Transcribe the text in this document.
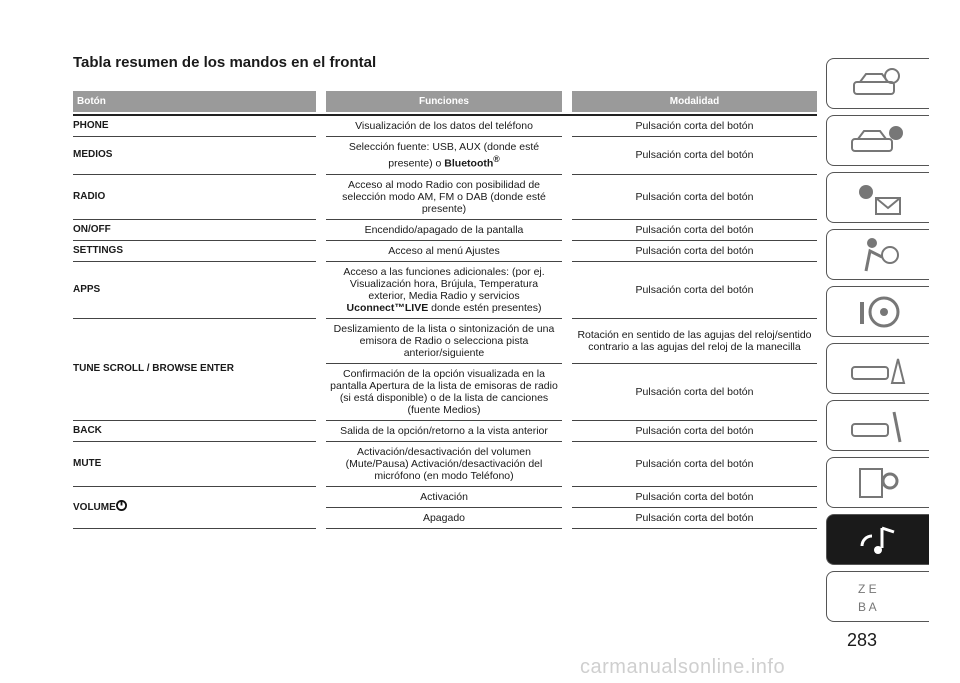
Tabla resumen de los mandos en el frontal
Botón		Funciones		Modalidad

PHONE		Visualización de los datos del teléfono		Pulsación corta del botón
MEDIOS		Selección fuente: USB, AUX (donde esté presente) o Bluetooth®		Pulsación corta del botón
RADIO		Acceso al modo Radio con posibilidad de selección modo AM, FM o DAB (donde esté presente)		Pulsación corta del botón
ON/OFF		Encendido/apagado de la pantalla		Pulsación corta del botón
SETTINGS		Acceso al menú Ajustes		Pulsación corta del botón
APPS		Acceso a las funciones adicionales: (por ej. Visualización hora, Brújula, Temperatura exterior, Media Radio y servicios Uconnect™LIVE donde estén presentes)		Pulsación corta del botón
TUNE SCROLL / BROWSE ENTER		Deslizamiento de la lista o sintonización de una emisora de Radio o selecciona pista anterior/siguiente		Rotación en sentido de las agujas del reloj/sentido contrario a las agujas del reloj de la manecilla
		Confirmación de la opción visualizada en la pantalla Apertura de la lista de emisoras de radio (si está disponible) o de la lista de canciones (fuente Medios)		Pulsación corta del botón
BACK		Salida de la opción/retorno a la vista anterior		Pulsación corta del botón
MUTE		Activación/desactivación del volumen (Mute/Pausa) Activación/desactivación del micrófono (en modo Teléfono)		Pulsación corta del botón
VOLUME		Activación		Pulsación corta del botón
		Apagado		Pulsación corta del botón
Z E
B A
283
carmanualsonline.info
